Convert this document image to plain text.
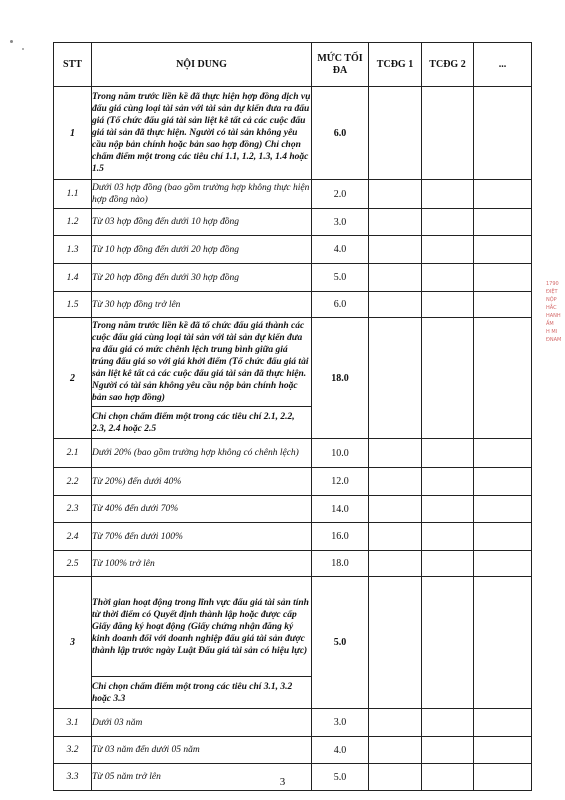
STT	NỘI DUNG	MỨC TỐI ĐA	TCĐG 1	TCĐG 2	...
1	Trong năm trước liền kề đã thực hiện hợp đồng dịch vụ đấu giá cùng loại tài sản với tài sản dự kiến đưa ra đấu giá (Tổ chức đấu giá tài sản liệt kê tất cả các cuộc đấu giá tài sản đã thực hiện. Người có tài sản không yêu cầu nộp bản chính hoặc bản sao hợp đồng) Chỉ chọn chấm điểm một trong các tiêu chí 1.1, 1.2, 1.3, 1.4 hoặc 1.5	6.0			
1.1	Dưới 03 hợp đồng (bao gồm trường hợp không thực hiện hợp đồng nào)	2.0			
1.2	Từ 03 hợp đồng đến dưới 10 hợp đồng	3.0			
1.3	Từ 10 hợp đồng đến dưới 20 hợp đồng	4.0			
1.4	Từ 20 hợp đồng đến dưới 30 hợp đồng	5.0			
1.5	Từ 30 hợp đồng trở lên	6.0			
2	Trong năm trước liền kề đã tổ chức đấu giá thành các cuộc đấu giá cùng loại tài sản với tài sản dự kiến đưa ra đấu giá có mức chênh lệch trung bình giữa giá trúng đấu giá so với giá khởi điểm (Tổ chức đấu giá tài sản liệt kê tất cả các cuộc đấu giá tài sản đã thực hiện. Người có tài sản không yêu cầu nộp bản chính hoặc bản sao hợp đồng)	18.0			
	Chỉ chọn chấm điểm một trong các tiêu chí 2.1, 2.2, 2.3, 2.4 hoặc 2.5				
2.1	Dưới 20% (bao gồm trường hợp không có chênh lệch)	10.0			
2.2	Từ 20%) đến dưới 40%	12.0			
2.3	Từ 40% đến dưới 70%	14.0			
2.4	Từ 70% đến dưới 100%	16.0			
2.5	Từ 100% trở lên	18.0			
3	Thời gian hoạt động trong lĩnh vực đấu giá tài sản tính từ thời điểm có Quyết định thành lập hoặc được cấp Giấy đăng ký hoạt động (Giấy chứng nhận đăng ký kinh doanh đối với doanh nghiệp đấu giá tài sản được thành lập trước ngày Luật Đấu giá tài sản có hiệu lực)	5.0			
	Chỉ chọn chấm điểm một trong các tiêu chí 3.1, 3.2 hoặc 3.3				
3.1	Dưới 03 năm	3.0			
3.2	Từ 03 năm đến dưới 05 năm	4.0			
3.3	Từ 05 năm trở lên	5.0			
1790
ĐIỆT
NỘP
HẮC
HANH
ẦM
H MI
ĐNAM
3
